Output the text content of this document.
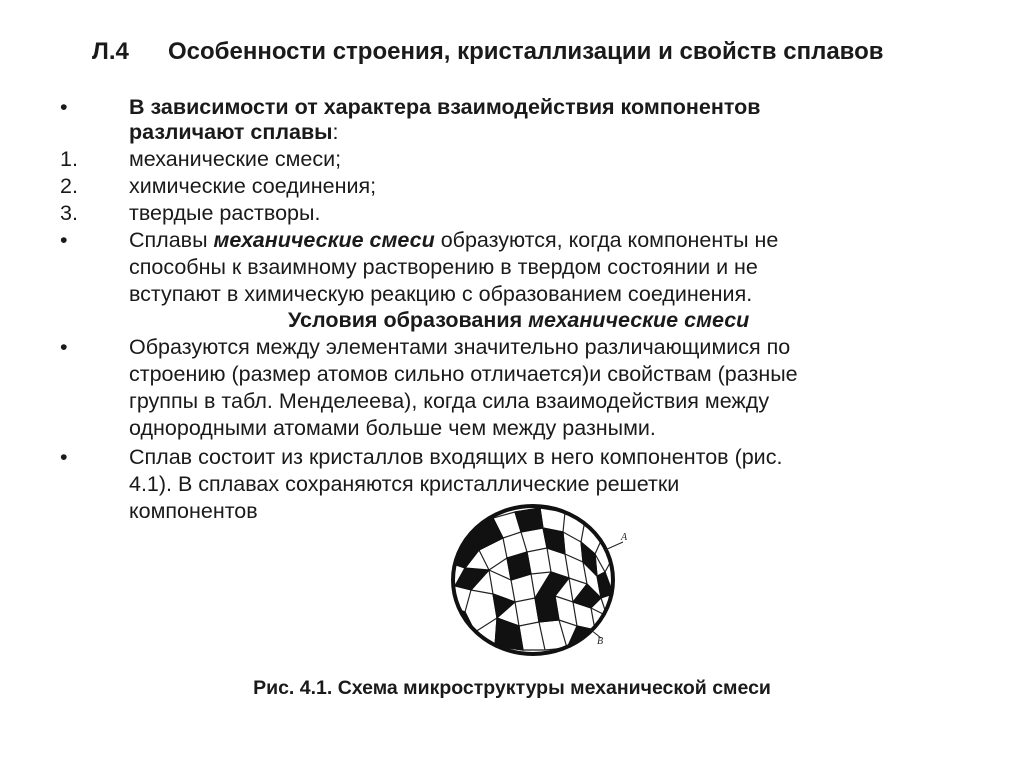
Л.4 Особенности строения, кристаллизации и свойств сплавов
•	В зависимости от характера взаимодействия компонентов
различают сплавы:
1. механические смеси;
2. химические соединения;
3. твердые растворы.
•	Сплавы механические смеси образуются, когда компоненты не
способны к взаимному растворению в твердом состоянии и не
вступают в химическую реакцию с образованием соединения.
Условия образования механические смеси
•	Образуются между элементами значительно различающимися по
строению (размер атомов сильно отличается)и свойствам (разные
группы в табл. Менделеева), когда сила взаимодействия между
однородными атомами больше чем между разными.
•	Сплав состоит из кристаллов входящих в него компонентов (рис.
4.1). В сплавах сохраняются кристаллические решетки
компонентов
A
B
Рис. 4.1. Схема микроструктуры механической смеси
